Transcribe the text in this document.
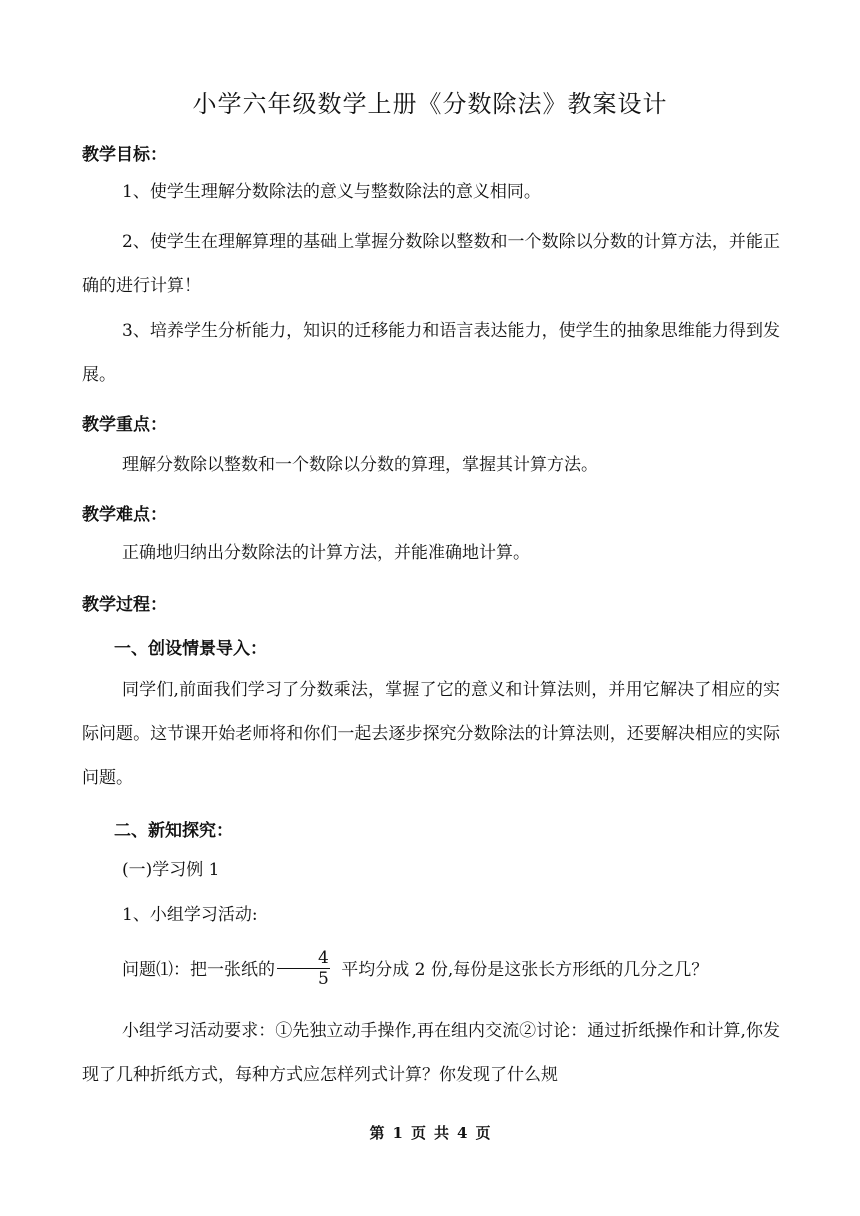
小学六年级数学上册《分数除法》教案设计
教学目标：

1、使学生理解分数除法的意义与整数除法的意义相同。

2、使学生在理解算理的基础上掌握分数除以整数和一个数除以分数的计算方法，并能正确的进行计算！

3、培养学生分析能力，知识的迁移能力和语言表达能力，使学生的抽象思维能力得到发展。

教学重点：

理解分数除以整数和一个数除以分数的算理，掌握其计算方法。

教学难点：

正确地归纳出分数除法的计算方法，并能准确地计算。

教学过程：
一、创设情景导入：

同学们,前面我们学习了分数乘法，掌握了它的意义和计算法则，并用它解决了相应的实际问题。这节课开始老师将和你们一起去逐步探究分数除法的计算法则，还要解决相应的实际问题。

二、新知探究：

(一)学习例 1

1、小组学习活动:

问题⑴：把一张纸的 $\frac{4}{5}$ 平均分成 2 份,每份是这张长方形纸的几分之几？

小组学习活动要求：①先独立动手操作,再在组内交流②讨论：通过折纸操作和计算,你发现了几种折纸方式，每种方式应怎样列式计算？你发现了什么规

第 1 页 共 4 页
